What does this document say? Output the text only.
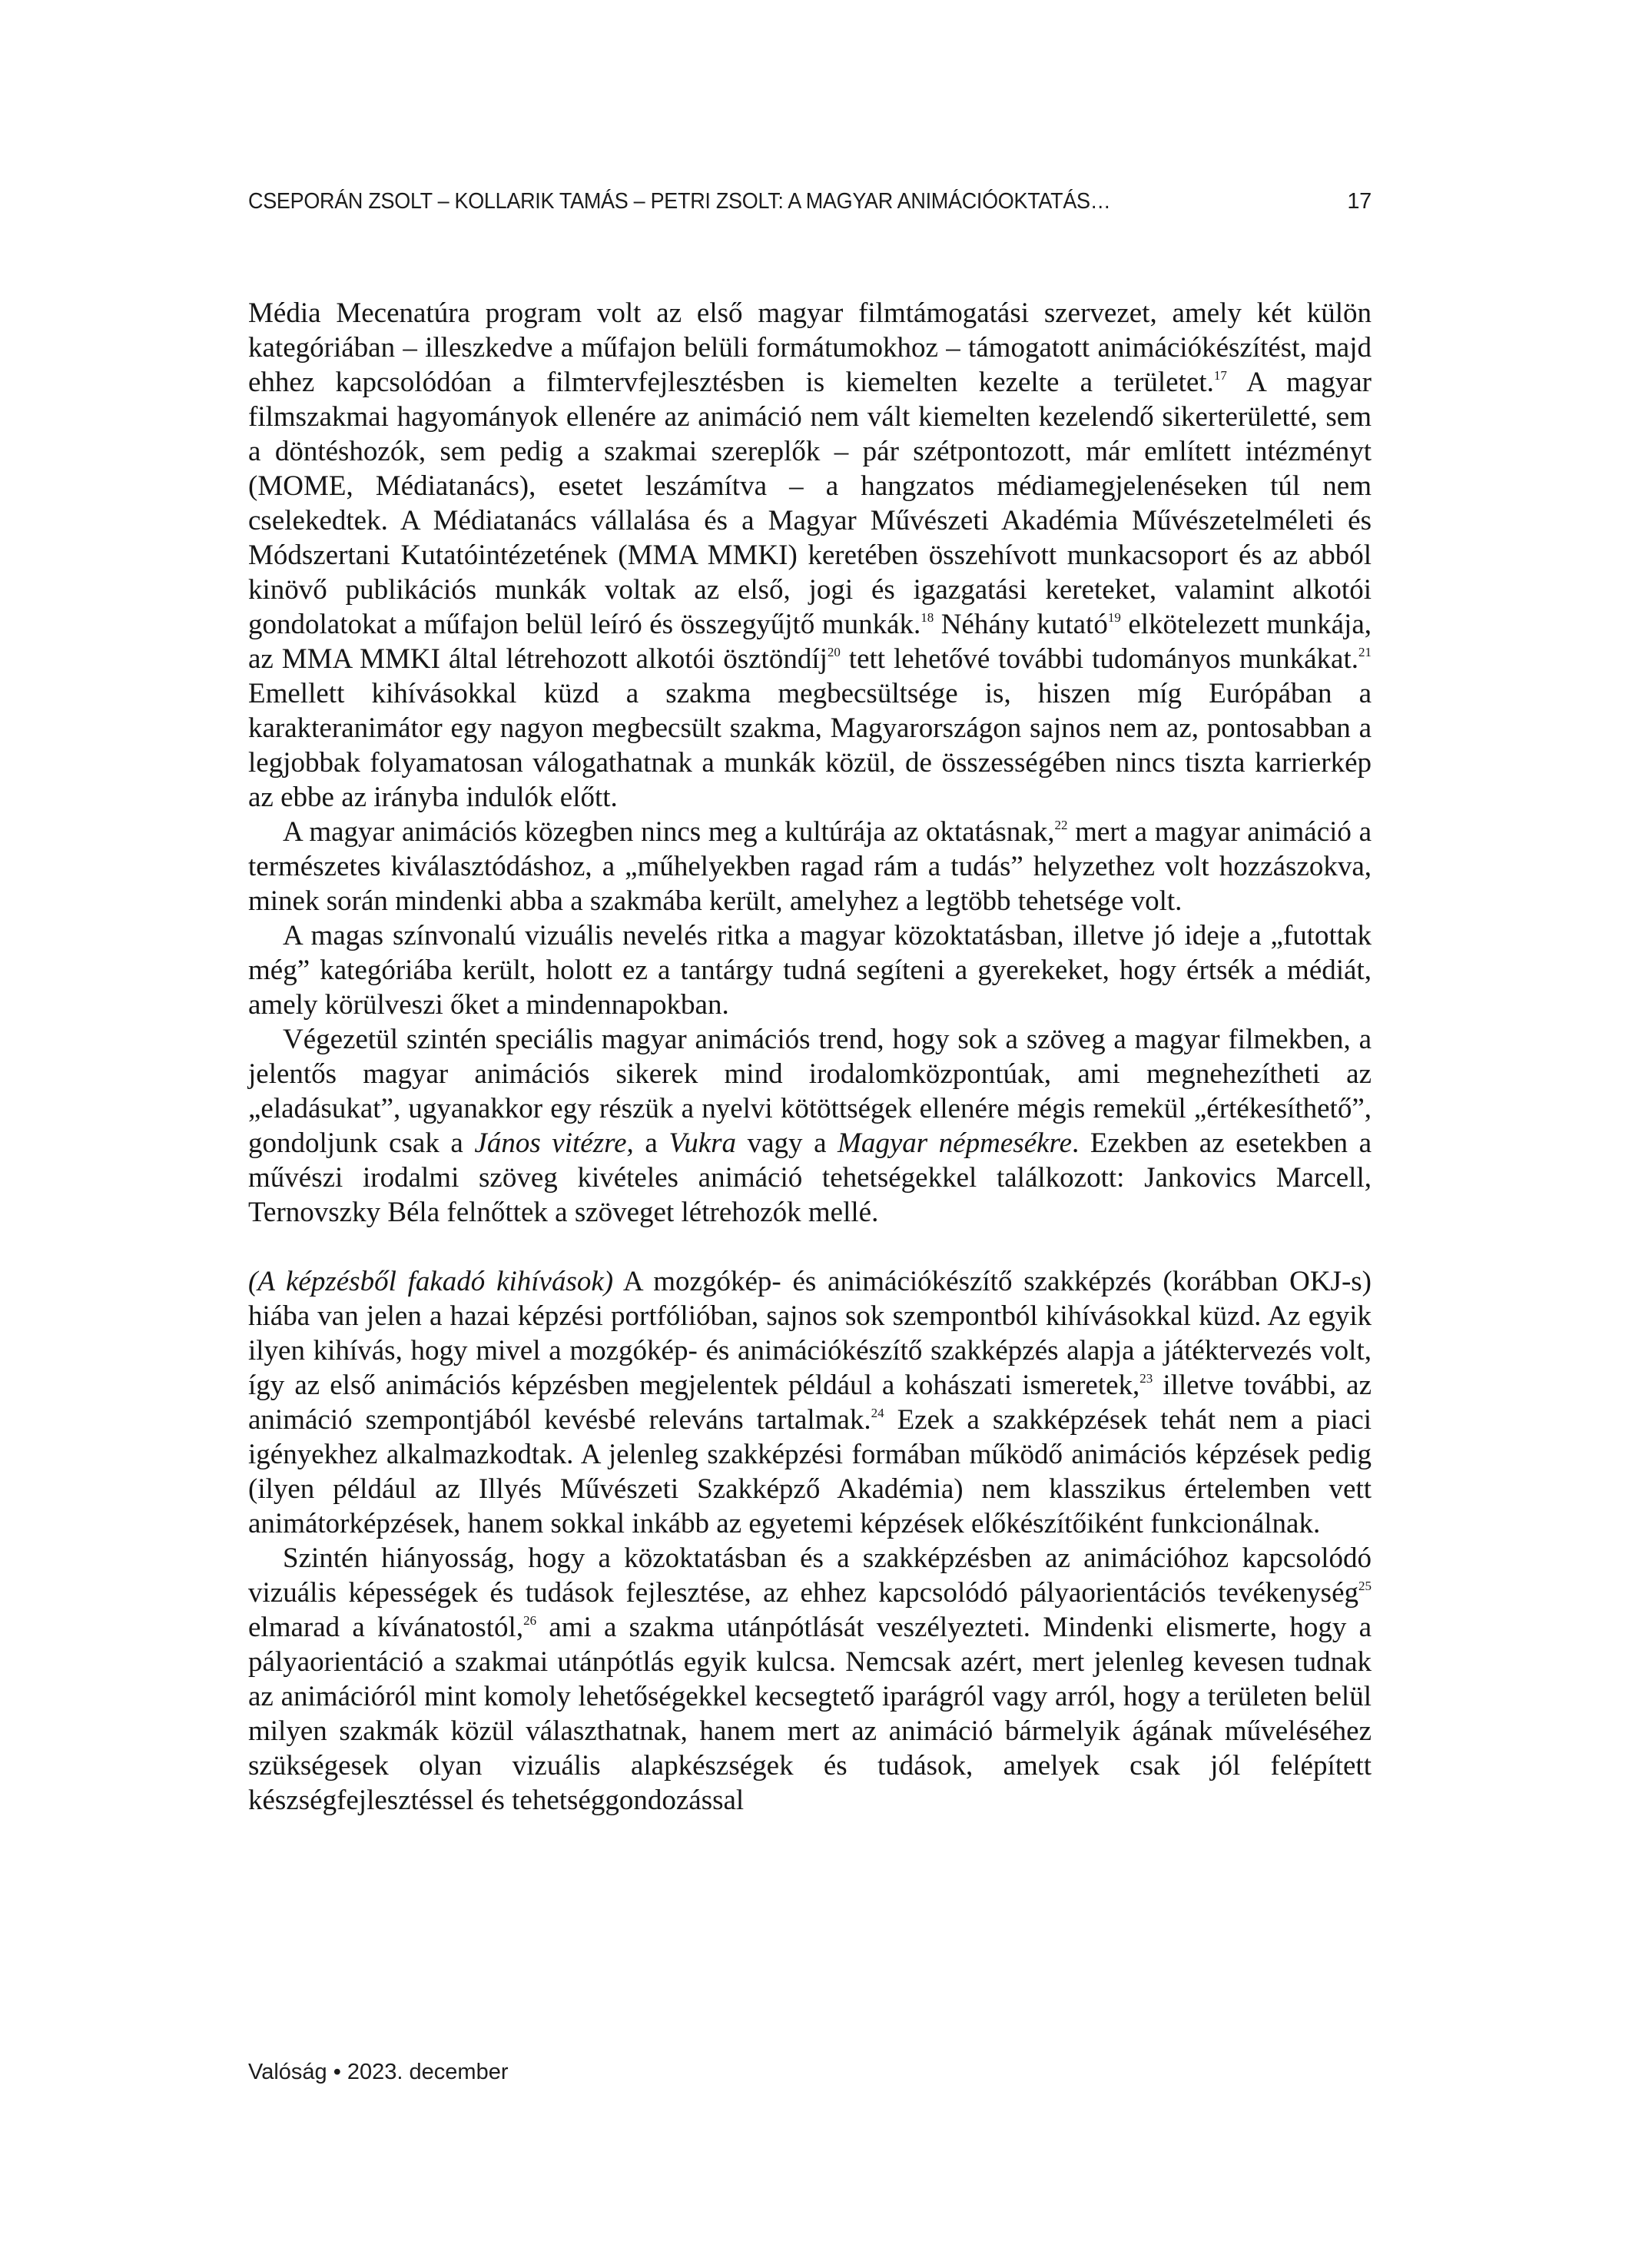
CSEPORÁN ZSOLT – KOLLARIK TAMÁS – PETRI ZSOLT: A MAGYAR ANIMÁCIÓOKTATÁS…	17

Média Mecenatúra program volt az első magyar filmtámogatási szervezet, amely két külön kategóriában – illeszkedve a műfajon belüli formátumokhoz – támogatott animációkészítést, majd ehhez kapcsolódóan a filmtervfejlesztésben is kiemelten kezelte a területet.$^{17}$ A magyar filmszakmai hagyományok ellenére az animáció nem vált kiemelten kezelendő sikerterületté, sem a döntéshozók, sem pedig a szakmai szereplők – pár szétpontozott, már említett intézményt (MOME, Médiatanács), esetet leszámítva – a hangzatos médiamegjelenéseken túl nem cselekedtek. A Médiatanács vállalása és a Magyar Művészeti Akadémia Művészetelméleti és Módszertani Kutatóintézetének (MMA MMKI) keretében összehívott munkacsoport és az abból kinövő publikációs munkák voltak az első, jogi és igazgatási kereteket, valamint alkotói gondolatokat a műfajon belül leíró és összegyűjtő munkák.$^{18}$ Néhány kutató$^{19}$ elkötelezett munkája, az MMA MMKI által létrehozott alkotói ösztöndíj$^{20}$ tett lehetővé további tudományos munkákat.$^{21}$ Emellett kihívásokkal küzd a szakma megbecsültsége is, hiszen míg Európában a karakteranimátor egy nagyon megbecsült szakma, Magyarországon sajnos nem az, pontosabban a legjobbak folyamatosan válogathatnak a munkák közül, de összességében nincs tiszta karrierkép az ebbe az irányba indulók előtt.

A magyar animációs közegben nincs meg a kultúrája az oktatásnak,$^{22}$ mert a magyar animáció a természetes kiválasztódáshoz, a „műhelyekben ragad rám a tudás” helyzethez volt hozzászokva, minek során mindenki abba a szakmába került, amelyhez a legtöbb tehetsége volt.

A magas színvonalú vizuális nevelés ritka a magyar közoktatásban, illetve jó ideje a „futottak még” kategóriába került, holott ez a tantárgy tudná segíteni a gyerekeket, hogy értsék a médiát, amely körülveszi őket a mindennapokban.

Végezetül szintén speciális magyar animációs trend, hogy sok a szöveg a magyar filmekben, a jelentős magyar animációs sikerek mind irodalomközpontúak, ami megnehezítheti az „eladásukat”, ugyanakkor egy részük a nyelvi kötöttségek ellenére mégis remekül „értékesíthető”, gondoljunk csak a János vitézre, a Vukra vagy a Magyar népmesékre. Ezekben az esetekben a művészi irodalmi szöveg kivételes animáció tehetségekkel találkozott: Jankovics Marcell, Ternovszky Béla felnőttek a szöveget létrehozók mellé.

(A képzésből fakadó kihívások) A mozgókép- és animációkészítő szakképzés (korábban OKJ-s) hiába van jelen a hazai képzési portfólióban, sajnos sok szempontból kihívásokkal küzd. Az egyik ilyen kihívás, hogy mivel a mozgókép- és animációkészítő szakképzés alapja a játéktervezés volt, így az első animációs képzésben megjelentek például a kohászati ismeretek,$^{23}$ illetve további, az animáció szempontjából kevésbé releváns tartalmak.$^{24}$ Ezek a szakképzések tehát nem a piaci igényekhez alkalmazkodtak. A jelenleg szakképzési formában működő animációs képzések pedig (ilyen például az Illyés Művészeti Szakképző Akadémia) nem klasszikus értelemben vett animátorképzések, hanem sokkal inkább az egyetemi képzések előkészítőiként funkcionálnak.

Szintén hiányosság, hogy a közoktatásban és a szakképzésben az animációhoz kapcsolódó vizuális képességek és tudások fejlesztése, az ehhez kapcsolódó pályaorientációs tevékenység$^{25}$ elmarad a kívánatostól,$^{26}$ ami a szakma utánpótlását veszélyezteti. Mindenki elismerte, hogy a pályaorientáció a szakmai utánpótlás egyik kulcsa. Nemcsak azért, mert jelenleg kevesen tudnak az animációról mint komoly lehetőségekkel kecsegtető iparágról vagy arról, hogy a területen belül milyen szakmák közül választhatnak, hanem mert az animáció bármelyik ágának műveléséhez szükségesek olyan vizuális alapkészségek és tudások, amelyek csak jól felépített készségfejlesztéssel és tehetséggondozással

Valóság • 2023. december
